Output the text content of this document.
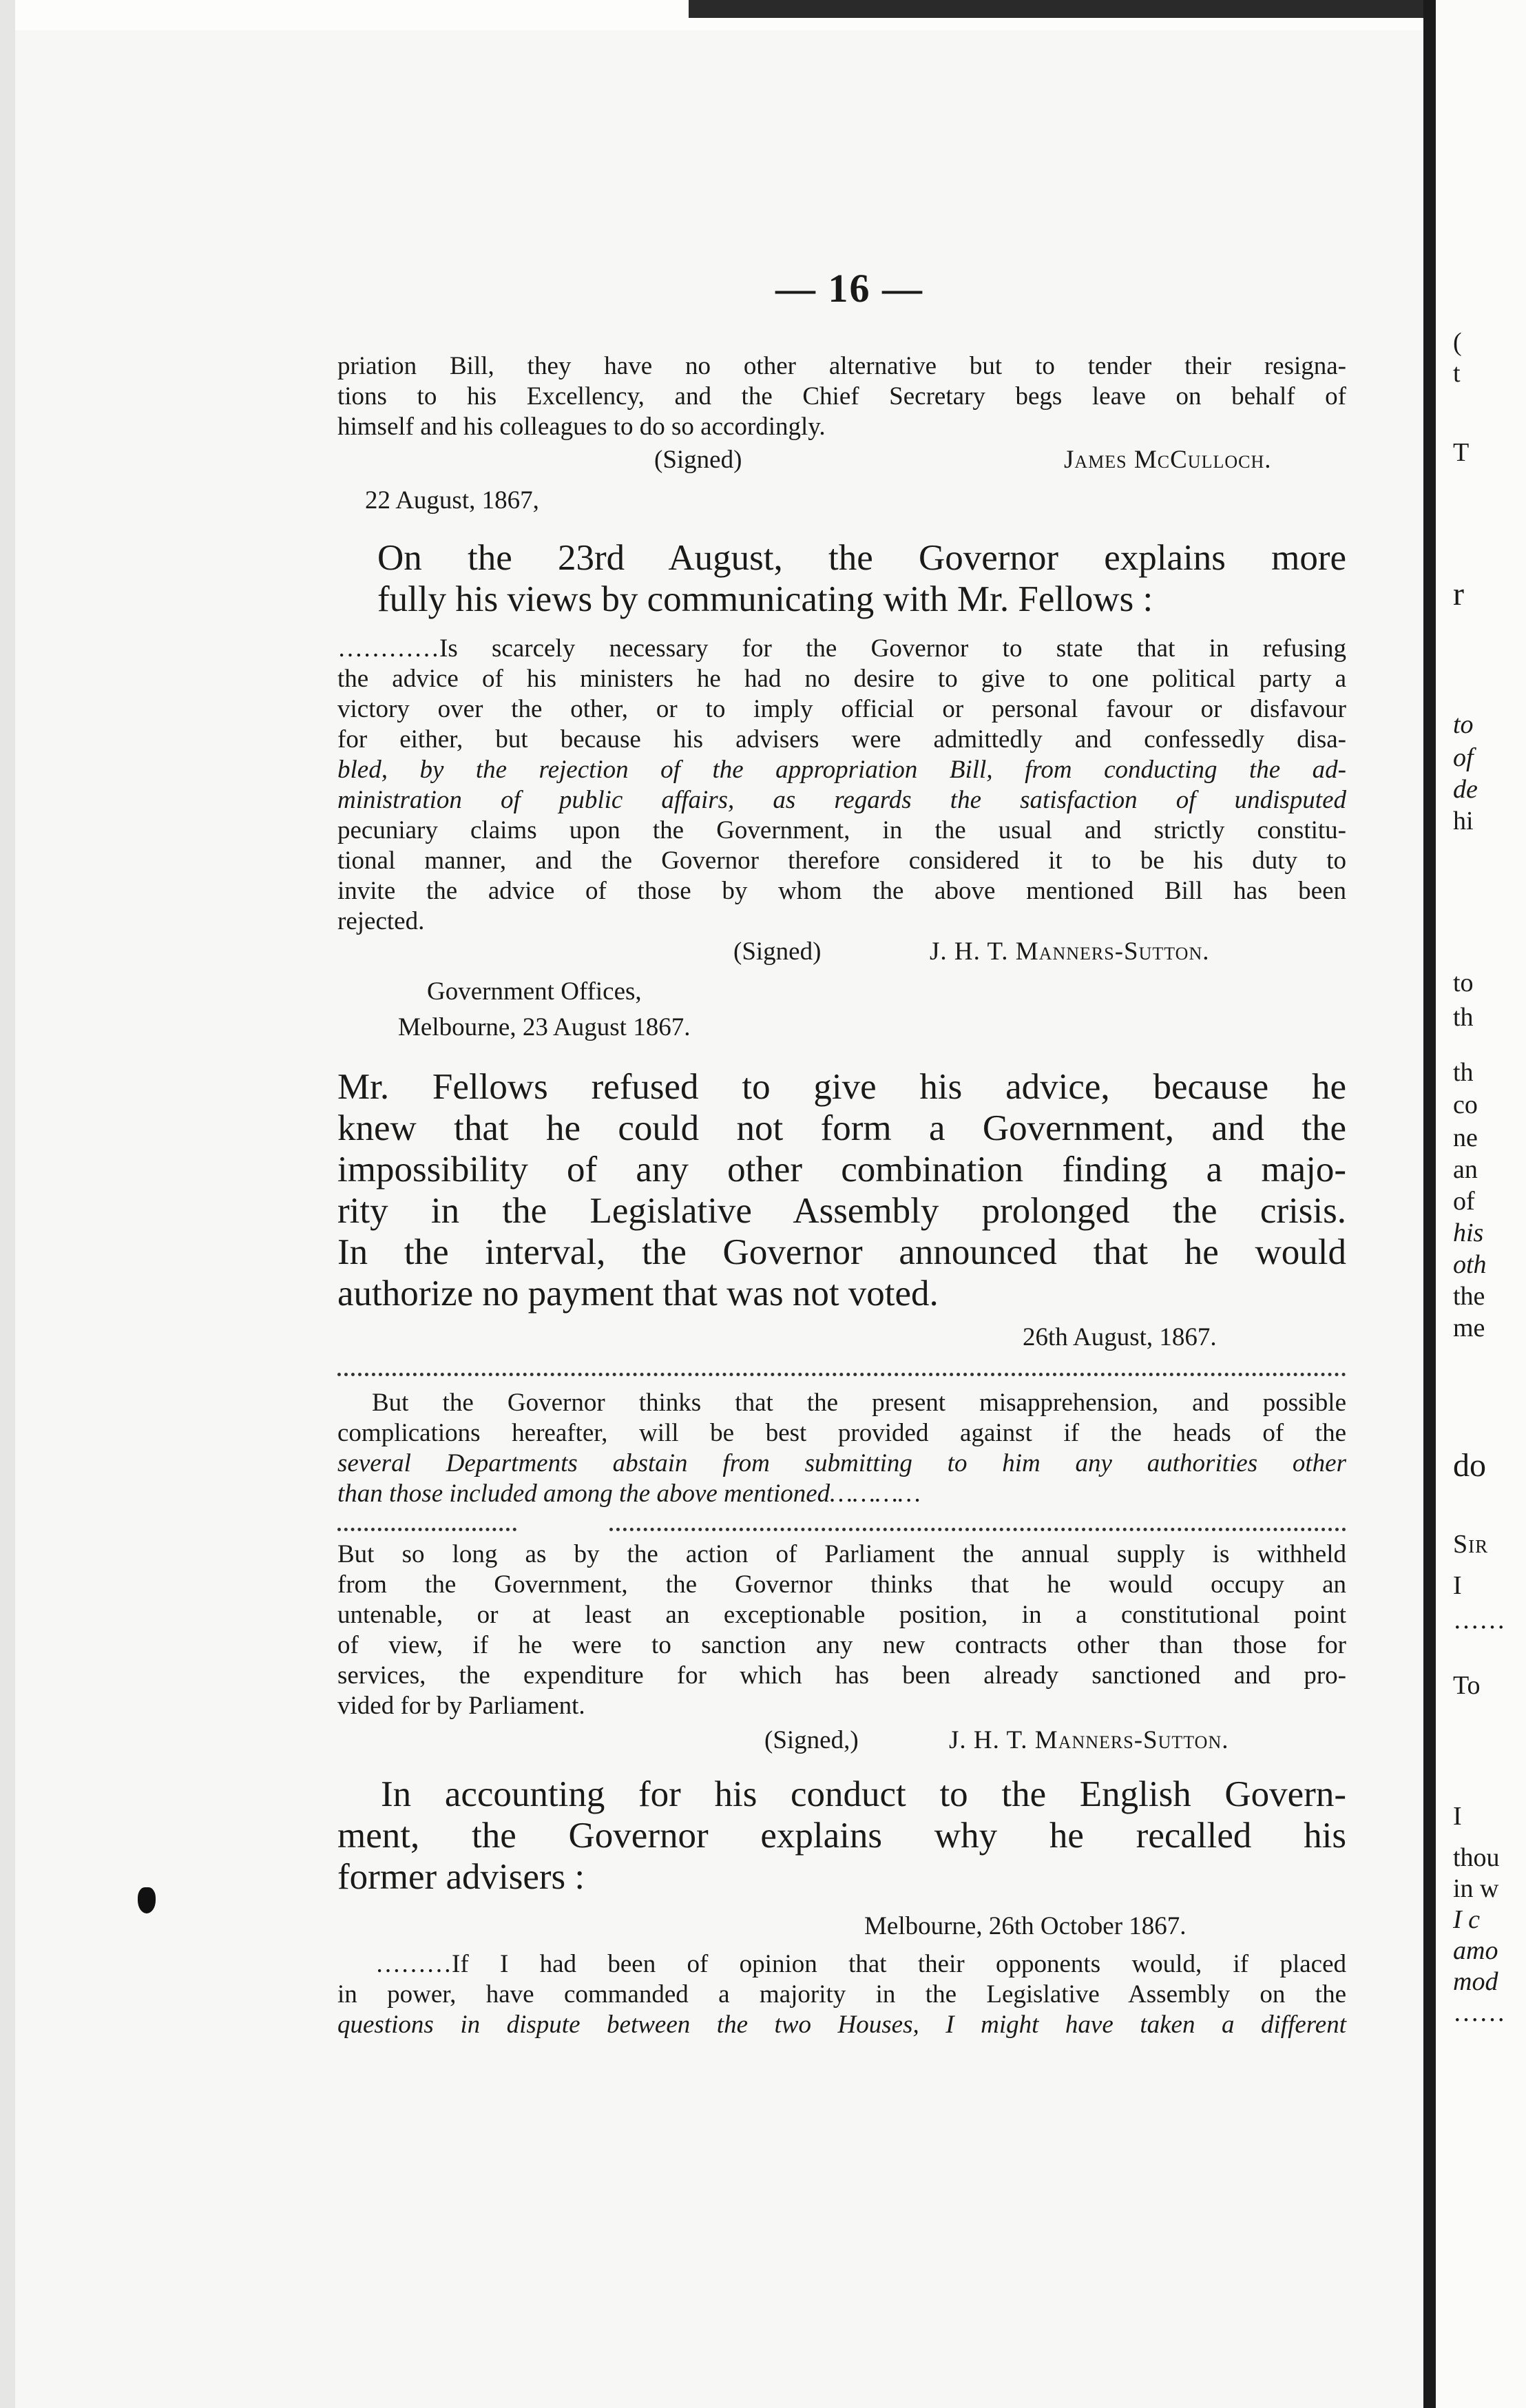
— 16 —
priation Bill, they have no other alternative but to tender their resigna-
tions to his Excellency, and the Chief Secretary begs leave on behalf of
himself and his colleagues to do so accordingly.
(Signed)	James McCulloch.
22 August, 1867,
On the 23rd August, the Governor explains more
fully his views by communicating with Mr. Fellows :
…………Is scarcely necessary for the Governor to state that in refusing
the advice of his ministers he had no desire to give to one political party a
victory over the other, or to imply official or personal favour or disfavour
for either, but because his advisers were admittedly and confessedly disa-
bled, by the rejection of the appropriation Bill, from conducting the ad-
ministration of public affairs, as regards the satisfaction of undisputed
pecuniary claims upon the Government, in the usual and strictly constitu-
tional manner, and the Governor therefore considered it to be his duty to
invite the advice of those by whom the above mentioned Bill has been
rejected.
(Signed)	J. H. T. Manners-Sutton.
Government Offices,
Melbourne, 23 August 1867.
Mr. Fellows refused to give his advice, because he
knew that he could not form a Government, and the
impossibility of any other combination finding a majo-
rity in the Legislative Assembly prolonged the crisis.
In the interval, the Governor announced that he would
authorize no payment that was not voted.
26th August, 1867.
But the Governor thinks that the present misapprehension, and possible
complications hereafter, will be best provided against if the heads of the
several Departments abstain from submitting to him any authorities other
than those included among the above mentioned…………
But so long as by the action of Parliament the annual supply is withheld
from the Government, the Governor thinks that he would occupy an
untenable, or at least an exceptionable position, in a constitutional point
of view, if he were to sanction any new contracts other than those for
services, the expenditure for which has been already sanctioned and pro-
vided for by Parliament.
(Signed,)	J. H. T. Manners-Sutton.
In accounting for his conduct to the English Govern-
ment, the Governor explains why he recalled his
former advisers :
Melbourne, 26th October 1867.
………If I had been of opinion that their opponents would, if placed
in power, have commanded a majority in the Legislative Assembly on the
questions in dispute between the two Houses, I might have taken a different
(
t
T
r
to
of
de
hi
to
th
th
co
ne
an
of
his
oth
the
me
do
Sir
I
……
To
I
thou
in w
I c
amo
mod
……
